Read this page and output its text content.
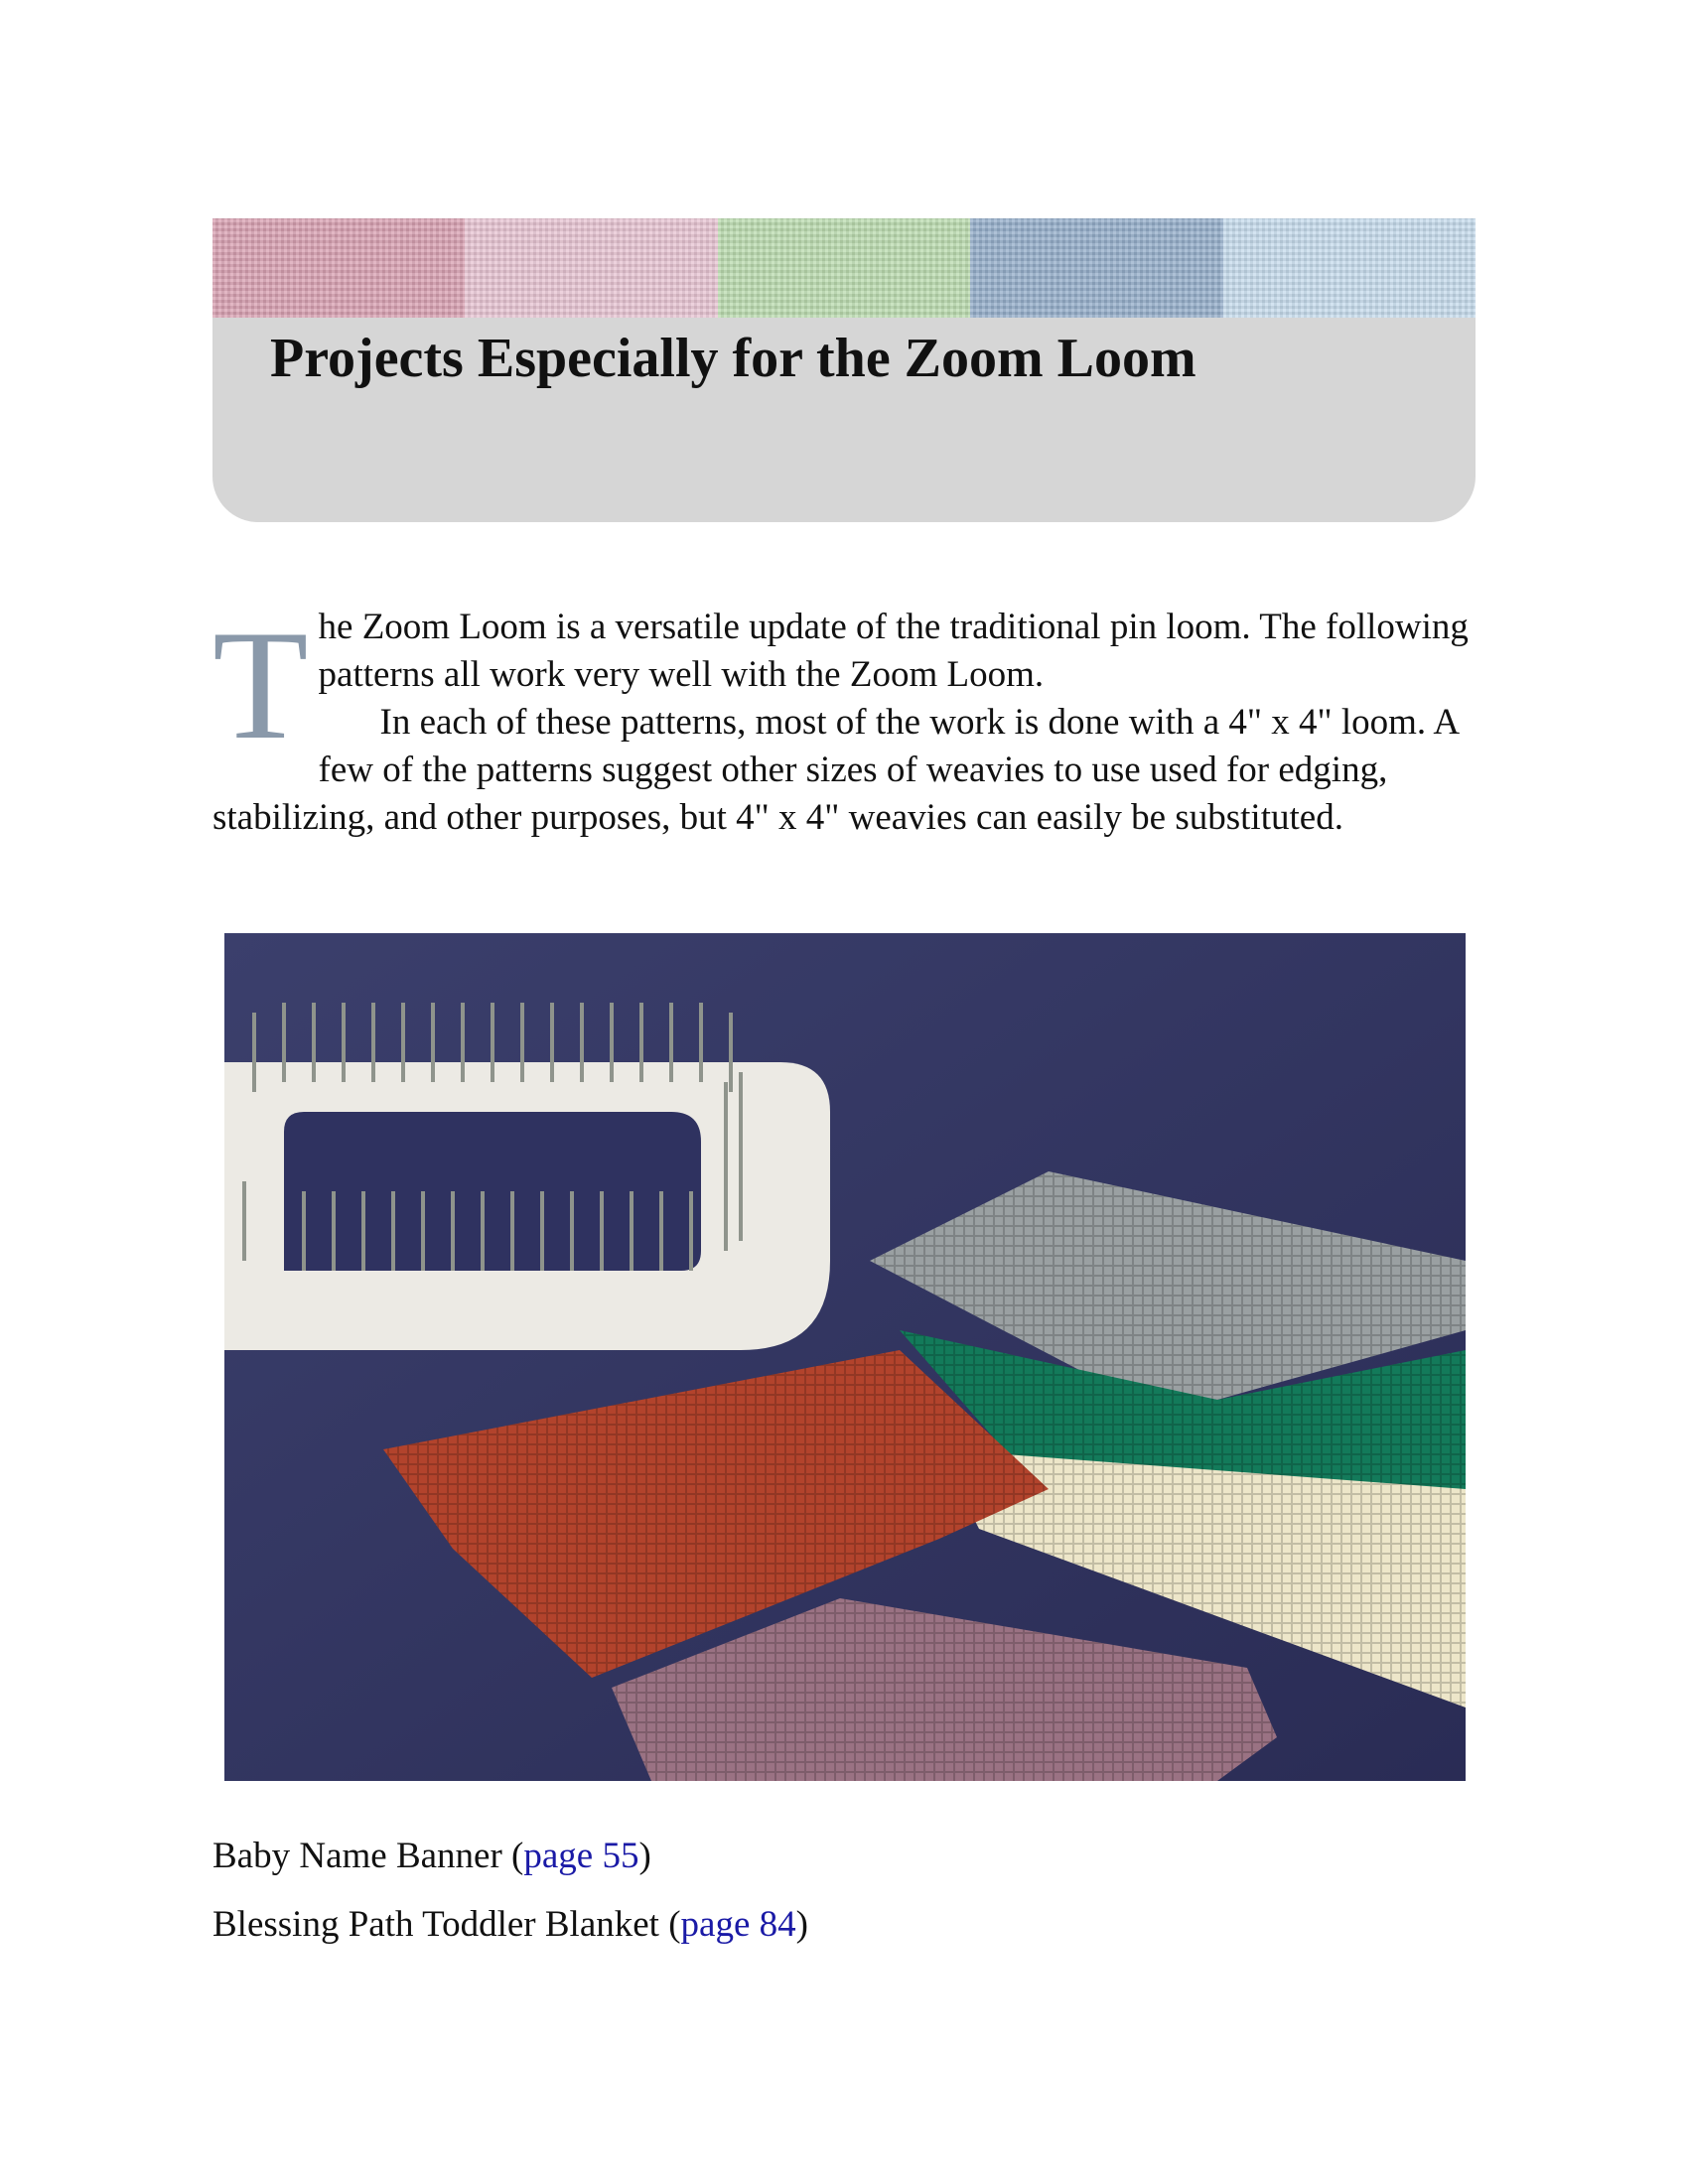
Projects Especially for the Zoom Loom
T he Zoom Loom is a versatile update of the traditional pin loom. The following patterns all work very well with the Zoom Loom.

In each of these patterns, most of the work is done with a 4" x 4" loom. A few of the patterns suggest other sizes of weavies to use used for edging, stabilizing, and other purposes, but 4" x 4" weavies can easily be substituted.

Baby Name Banner (page 55)
Blessing Path Toddler Blanket (page 84)
